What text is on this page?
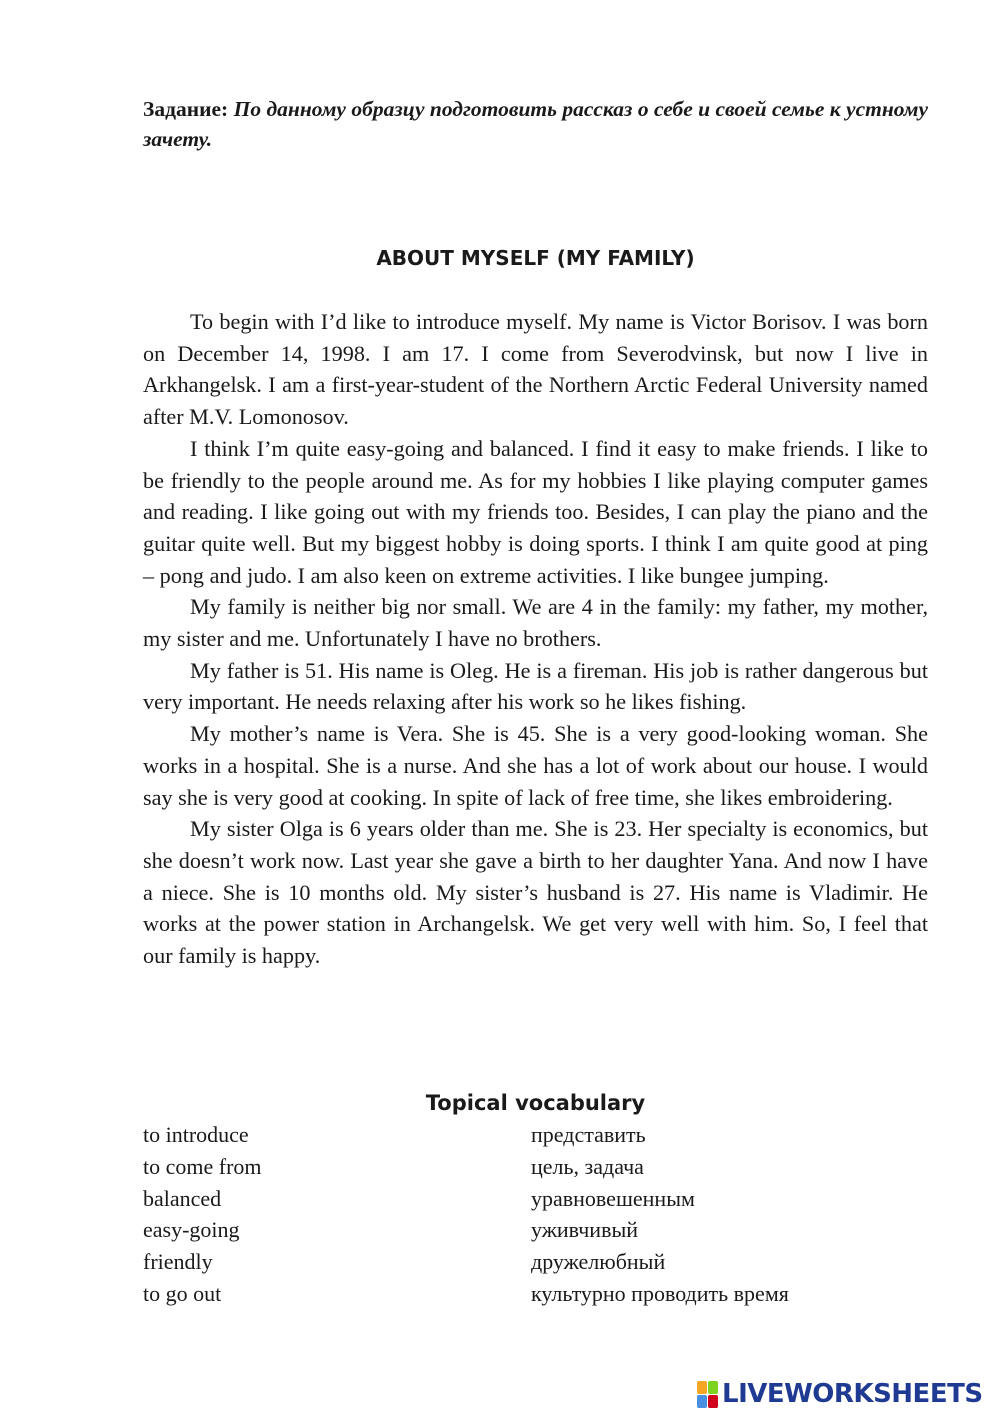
Задание: По данному образцу подготовить рассказ о себе и своей семье к устному зачету.
ABOUT MYSELF (MY FAMILY)

To begin with I’d like to introduce myself. My name is Victor Borisov. I was born on December 14, 1998. I am 17. I come from Severodvinsk, but now I live in Arkhangelsk. I am a first-year-student of the Northern Arctic Federal University named after M.V. Lomonosov.

I think I’m quite easy-going and balanced. I find it easy to make friends. I like to be friendly to the people around me. As for my hobbies I like playing computer games and reading. I like going out with my friends too. Besides, I can play the piano and the guitar quite well. But my biggest hobby is doing sports. I think I am quite good at ping – pong and judo. I am also keen on extreme activities. I like bungee jumping.

My family is neither big nor small. We are 4 in the family: my father, my mother, my sister and me. Unfortunately I have no brothers.

My father is 51. His name is Oleg. He is a fireman. His job is rather dangerous but very important. He needs relaxing after his work so he likes fishing.

My mother’s name is Vera. She is 45. She is a very good-looking woman. She works in a hospital. She is a nurse. And she has a lot of work about our house. I would say she is very good at cooking. In spite of lack of free time, she likes embroidering.

My sister Olga is 6 years older than me. She is 23. Her specialty is economics, but she doesn’t work now. Last year she gave a birth to her daughter Yana. And now I have a niece. She is 10 months old. My sister’s husband is 27. His name is Vladimir. He works at the power station in Archangelsk. We get very well with him. So, I feel that our family is happy.

Topical vocabulary
to introduce	представить
to come from	цель, задача
balanced	уравновешенным
easy-going	уживчивый
friendly	дружелюбный
to go out	культурно проводить время
LIVEWORKSHEETS
